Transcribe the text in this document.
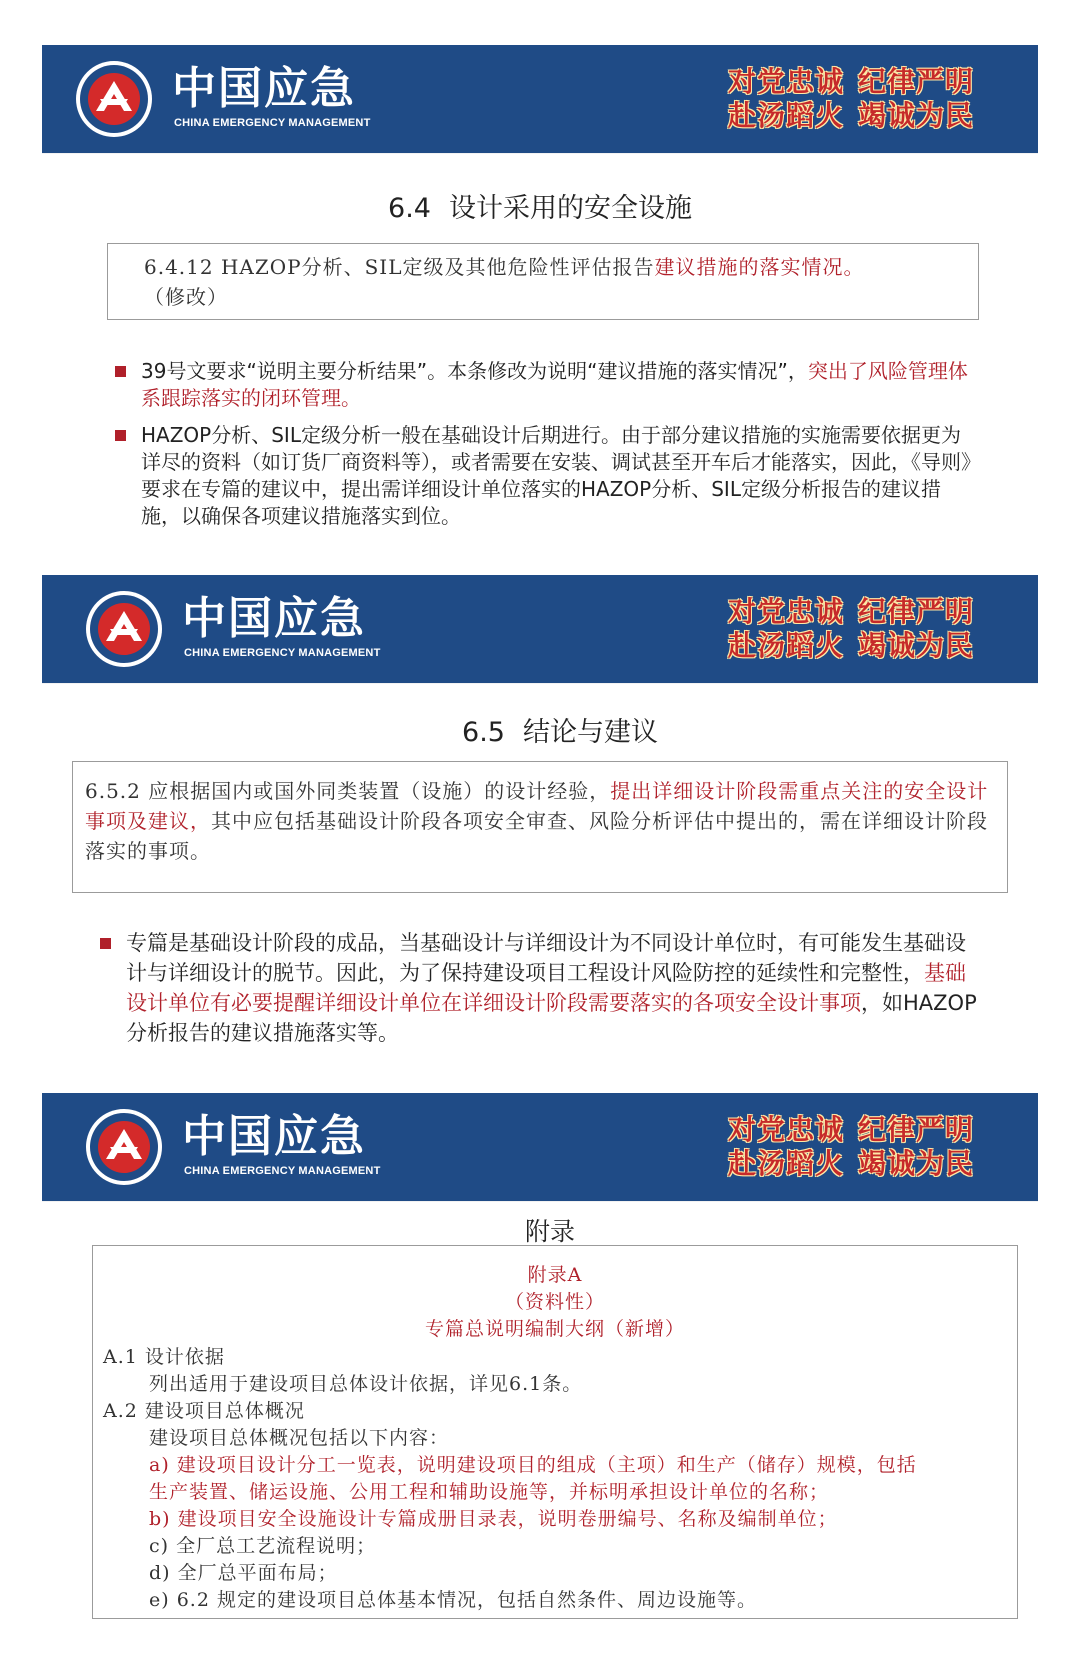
中国应急
CHINA EMERGENCY MANAGEMENT
对党忠诚 纪律严明
赴汤蹈火 竭诚为民
6.4 设计采用的安全设施
6.4.12 HAZOP分析、SIL定级及其他危险性评估报告建议措施的落实情况。
（修改）
39号文要求“说明主要分析结果”。本条修改为说明“建议措施的落实情况”，突出了风险管理体系跟踪落实的闭环管理。
HAZOP分析、SIL定级分析一般在基础设计后期进行。由于部分建议措施的实施需要依据更为详尽的资料（如订货厂商资料等），或者需要在安装、调试甚至开车后才能落实，因此，《导则》要求在专篇的建议中，提出需详细设计单位落实的HAZOP分析、SIL定级分析报告的建议措施，以确保各项建议措施落实到位。
中国应急
CHINA EMERGENCY MANAGEMENT
对党忠诚 纪律严明
赴汤蹈火 竭诚为民
6.5 结论与建议
6.5.2 应根据国内或国外同类装置（设施）的设计经验，提出详细设计阶段需重点关注的安全设计事项及建议，其中应包括基础设计阶段各项安全审查、风险分析评估中提出的，需在详细设计阶段落实的事项。
专篇是基础设计阶段的成品，当基础设计与详细设计为不同设计单位时，有可能发生基础设计与详细设计的脱节。因此，为了保持建设项目工程设计风险防控的延续性和完整性，基础设计单位有必要提醒详细设计单位在详细设计阶段需要落实的各项安全设计事项，如HAZOP分析报告的建议措施落实等。
中国应急
CHINA EMERGENCY MANAGEMENT
对党忠诚 纪律严明
赴汤蹈火 竭诚为民
附录
附录A
（资料性）
专篇总说明编制大纲（新增）
A.1 设计依据
列出适用于建设项目总体设计依据，详见6.1条。
A.2 建设项目总体概况
建设项目总体概况包括以下内容：
a) 建设项目设计分工一览表，说明建设项目的组成（主项）和生产（储存）规模，包括
生产装置、储运设施、公用工程和辅助设施等，并标明承担设计单位的名称；
b) 建设项目安全设施设计专篇成册目录表，说明卷册编号、名称及编制单位；
c) 全厂总工艺流程说明；
d) 全厂总平面布局；
e) 6.2 规定的建设项目总体基本情况，包括自然条件、周边设施等。
